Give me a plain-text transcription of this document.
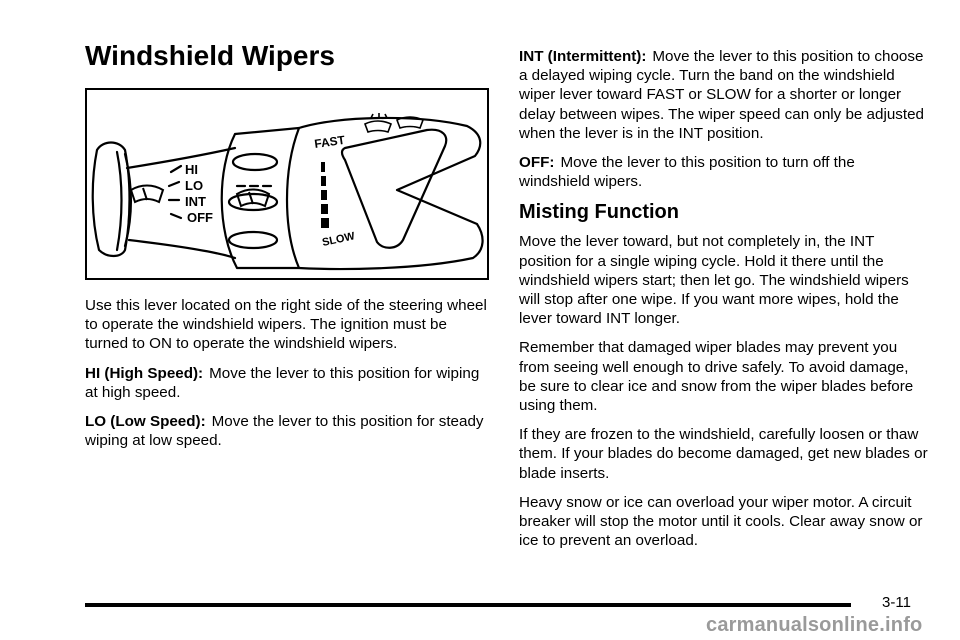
Windshield Wipers
HI
LO
INT
OFF
FAST
SLOW

Use this lever located on the right side of the steering wheel to operate the windshield wipers. The ignition must be turned to ON to operate the windshield wipers.

HI (High Speed): Move the lever to this position for wiping at high speed.

LO (Low Speed): Move the lever to this position for steady wiping at low speed.

INT (Intermittent): Move the lever to this position to choose a delayed wiping cycle. Turn the band on the windshield wiper lever toward FAST or SLOW for a shorter or longer delay between wipes. The wiper speed can only be adjusted when the lever is in the INT position.

OFF: Move the lever to this position to turn off the windshield wipers.

Misting Function

Move the lever toward, but not completely in, the INT position for a single wiping cycle. Hold it there until the windshield wipers start; then let go. The windshield wipers will stop after one wipe. If you want more wipes, hold the lever toward INT longer.

Remember that damaged wiper blades may prevent you from seeing well enough to drive safely. To avoid damage, be sure to clear ice and snow from the wiper blades before using them.

If they are frozen to the windshield, carefully loosen or thaw them. If your blades do become damaged, get new blades or blade inserts.

Heavy snow or ice can overload your wiper motor. A circuit breaker will stop the motor until it cools. Clear away snow or ice to prevent an overload.

3-11
carmanualsonline.info
